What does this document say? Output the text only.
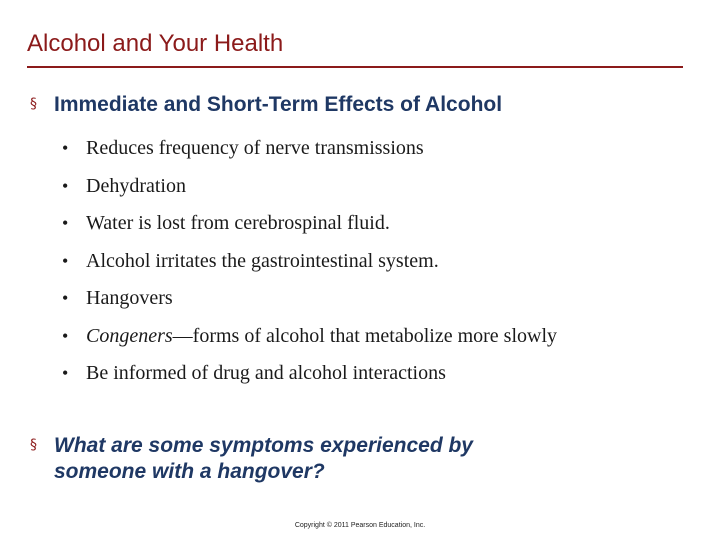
Alcohol and Your Health
§ Immediate and Short-Term Effects of Alcohol
• Reduces frequency of nerve transmissions
• Dehydration
• Water is lost from cerebrospinal fluid.
• Alcohol irritates the gastrointestinal system.
• Hangovers
• Congeners—forms of alcohol that metabolize more slowly
• Be informed of drug and alcohol interactions
§ What are some symptoms experienced by
someone with a hangover?
Copyright © 2011 Pearson Education, Inc.
